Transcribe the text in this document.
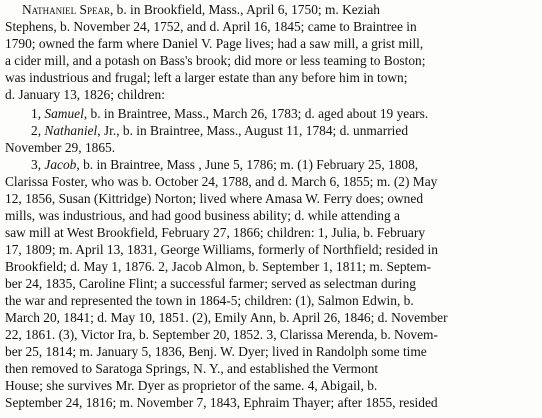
Nathaniel Spear, b. in Brookfield, Mass., April 6, 1750; m. Keziah
Stephens, b. November 24, 1752, and d. April 16, 1845; came to Braintree in
1790; owned the farm where Daniel V. Page lives; had a saw mill, a grist mill,
a cider mill, and a potash on Bass's brook; did more or less teaming to Boston;
was industrious and frugal; left a larger estate than any before him in town;
d. January 13, 1826; children:
1, Samuel, b. in Braintree, Mass., March 26, 1783; d. aged about 19 years.
2, Nathaniel, Jr., b. in Braintree, Mass., August 11, 1784; d. unmarried
November 29, 1865.
3, Jacob, b. in Braintree, Mass , June 5, 1786; m. (1) February 25, 1808,
Clarissa Foster, who was b. October 24, 1788, and d. March 6, 1855; m. (2) May
12, 1856, Susan (Kittridge) Norton; lived where Amasa W. Ferry does; owned
mills, was industrious, and had good business ability; d. while attending a
saw mill at West Brookfield, February 27, 1866; children: 1, Julia, b. February
17, 1809; m. April 13, 1831, George Williams, formerly of Northfield; resided in
Brookfield; d. May 1, 1876. 2, Jacob Almon, b. September 1, 1811; m. Septem-
ber 24, 1835, Caroline Flint; a successful farmer; served as selectman during
the war and represented the town in 1864-5; children: (1), Salmon Edwin, b.
March 20, 1841; d. May 10, 1851. (2), Emily Ann, b. April 26, 1846; d. November
22, 1861. (3), Victor Ira, b. September 20, 1852. 3, Clarissa Merenda, b. Novem-
ber 25, 1814; m. January 5, 1836, Benj. W. Dyer; lived in Randolph some time
then removed to Saratoga Springs, N. Y., and established the Vermont
House; she survives Mr. Dyer as proprietor of the same. 4, Abigail, b.
September 24, 1816; m. November 7, 1843, Ephraim Thayer; after 1855, resided
